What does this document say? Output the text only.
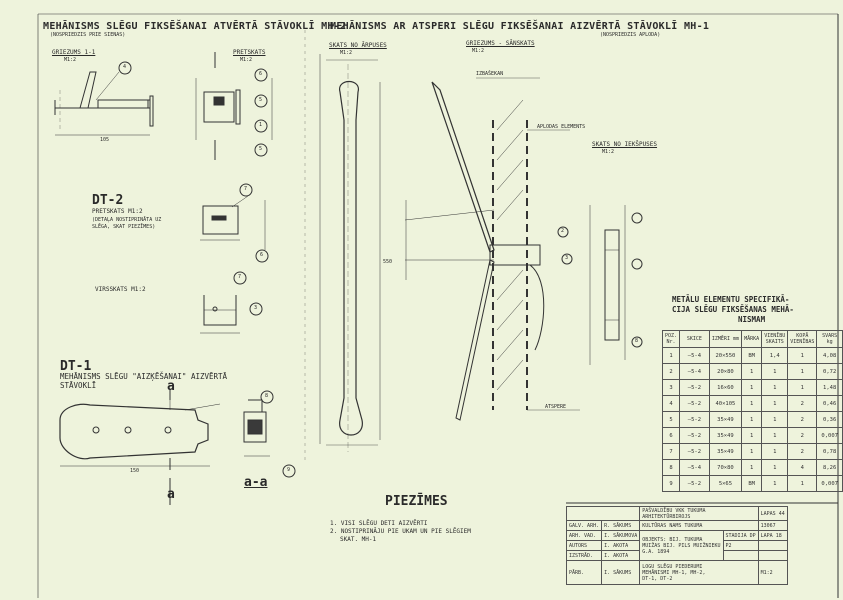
MEHĀNISMS SLĒGU FIKSĒŠANAI ATVĒRTĀ STĀVOKLĪ MH-2
(NOSPRIEDZIS PRIE SIENAS)
MEHĀNISMS AR ATSPERI SLĒGU FIKSĒŠANAI AIZVĒRTĀ STĀVOKLĪ MH-1
(NOSPRIEDZIS APLODA)
GRIEZUMS 1-1
M1:2
PRETSKATS
M1:2
SKATS NO ĀRPUSES
M1:2
GRIEZUMS - SĀNSKATS
M1:2
SKATS NO IEKŠPUSES
M1:2
IZBAŠEKAN
APLODAS ELEMENTS
ATSPERE
VIRSSKATS M1:2
DT-2
PRETSKATS M1:2
(DETAĻA NOSTIPRINĀTA UZ
SLĒGA, SKAT PIEZĪMES)
DT-1
MEHĀNISMS SLĒGU "AIZĶĒŠANAI" AIZVĒRTĀ
STĀVOKLĪ	a
a
a-a
4
6
5
1
7
6
3
7
5
2
3
8
8
9
105
550
150
PIEZĪMES
1. VISI SLĒGU DETI AIZVĒRTI
2. NOSTIPRINĀJU PIE UKAM UN PIE SLĒGIEM
SKAT. MH-1
METĀLU ELEMENTU SPECIFIKĀ-
CIJA SLĒGU FIKSĒŠANAS MEHĀ-
NISMAM
POZ. Nr.	SKICE	IZMĒRI mm	MĀRKA	VIENĪBU SKAITS	KOPĀ VIENĪBAS	SVARS kg
1	—5-4	20×550	BM	1,4	1	4,08
2	—5-4	20×80	1	1	1	0,72
3	—5-2	16×60	1	1	1	1,48
4	—5-2	40×105	1	1	2	0,46
5	—5-2	35×49	1	1	2	0,36
6	—5-2	35×49	1	1	2	0,007
7	—5-2	35×49	1	1	2	0,78
8	—5-4	70×80	1	1	4	8,26
9	—5-2	5×65	BM	1	1	0,007
		PAŠVALDĪBU VKK TUKUMA
ARHITEKTŪRBIROJS		LAPAS 44
GALV. ARH.	R. SĀKUMS	KULTŪRAS NAMS TUKUMA		13067
ARH. VAD.	I. SĀKUMOVA	OBJEKTS: BIJ. TUKUMA
MUIŽAS BIJ. PILS MUIŽNIEKU
G.A. 1894	STADIJA DP	LAPA 18
AUTORS	I. AKOTA		P2	
IZSTRĀD.	I. AKOTA			
PĀRB.	I. SĀKUMS	LOGU SLĒGU PIEDERUMI
MEHĀNISMI MH-1, MH-2,
DT-1, DT-2		M1:2
